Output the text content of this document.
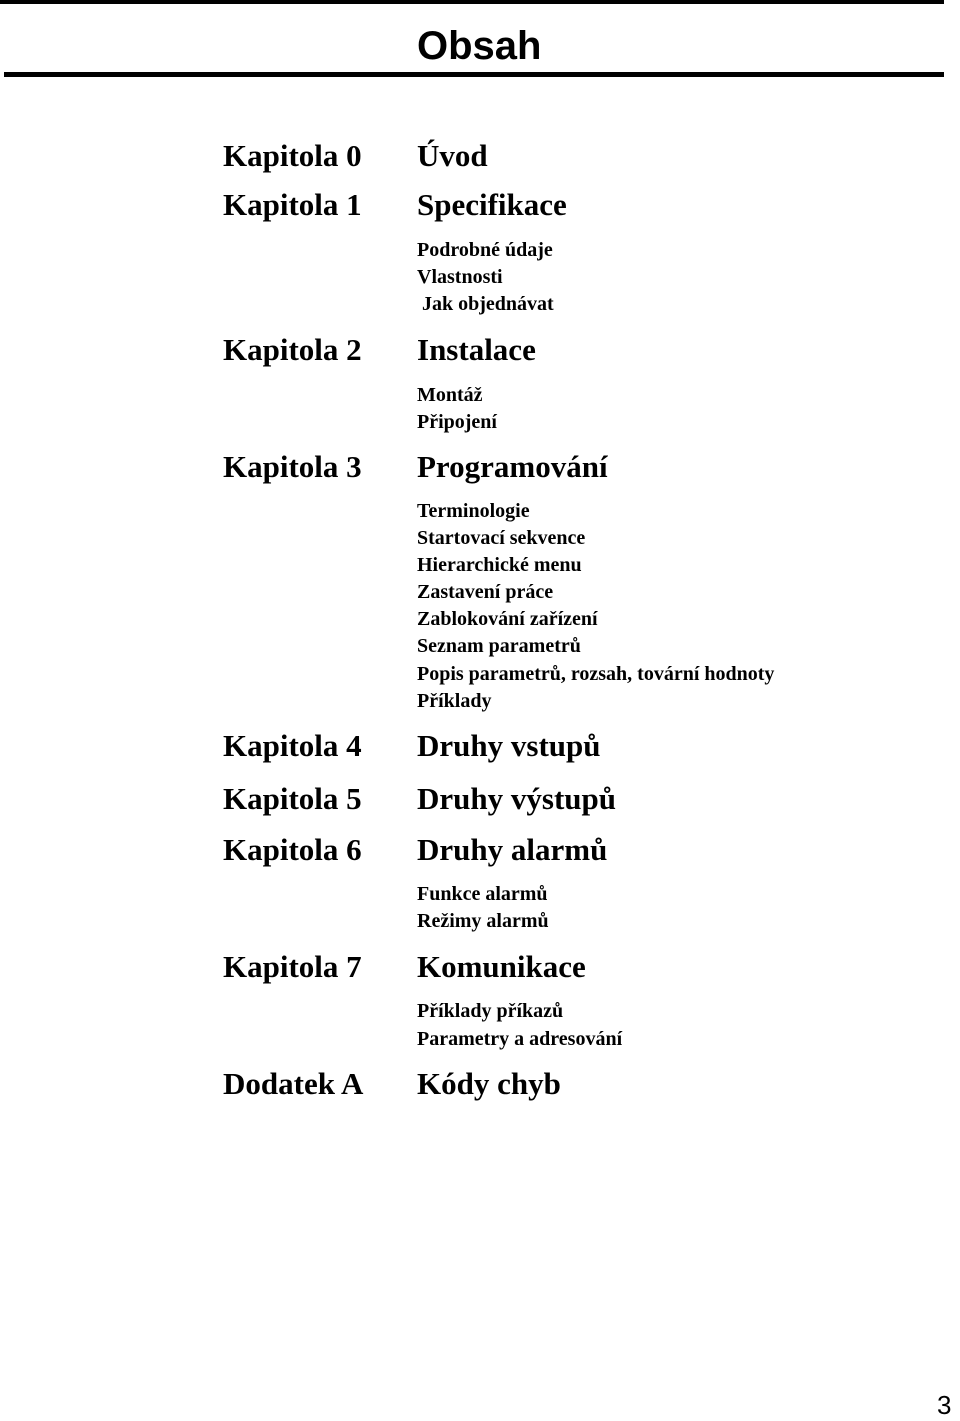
Obsah
Kapitola 0 Úvod
Kapitola 1 Specifikace
Podrobné údaje
Vlastnosti
Jak objednávat
Kapitola 2 Instalace
Montáž
Připojení
Kapitola 3 Programování
Terminologie
Startovací sekvence
Hierarchické menu
Zastavení práce
Zablokování zařízení
Seznam parametrů
Popis parametrů, rozsah, tovární hodnoty
Příklady
Kapitola 4 Druhy vstupů
Kapitola 5 Druhy výstupů
Kapitola 6 Druhy alarmů
Funkce alarmů
Režimy alarmů
Kapitola 7 Komunikace
Příklady příkazů
Parametry a adresování
Dodatek A Kódy chyb
3
